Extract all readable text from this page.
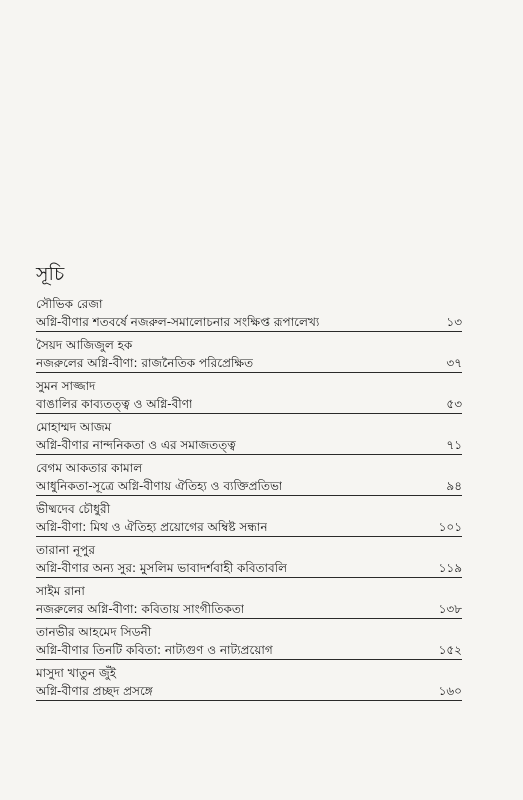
সূচি
সৌভিক রেজা
অগ্নি-বীণার শতবর্ষে নজরুল-সমালোচনার সংক্ষিপ্ত রূপালেখ্য	১৩
সৈয়দ আজিজুল হক
নজরুলের অগ্নি-বীণা: রাজনৈতিক পরিপ্রেক্ষিত	৩৭
সুমন সাজ্জাদ
বাঙালির কাব্যতত্ত্ব ও অগ্নি-বীণা	৫৩
মোহাম্মদ আজম
অগ্নি-বীণার নান্দনিকতা ও এর সমাজতত্ত্ব	৭১
বেগম আকতার কামাল
আধুনিকতা-সূত্রে অগ্নি-বীণায় ঐতিহ্য ও ব্যক্তিপ্রতিভা	৯৪
ভীষ্মদেব চৌধুরী
অগ্নি-বীণা: মিথ ও ঐতিহ্য প্রয়োগের অম্বিষ্ট সন্ধান	১০১
তারানা নূপুর
অগ্নি-বীণার অন্য সুর: মুসলিম ভাবাদর্শবাহী কবিতাবলি	১১৯
সাইম রানা
নজরুলের অগ্নি-বীণা: কবিতায় সাংগীতিকতা	১৩৮
তানভীর আহমেদ সিডনী
অগ্নি-বীণার তিনটি কবিতা: নাট্যগুণ ও নাট্যপ্রয়োগ	১৫২
মাসুদা খাতুন জুঁই
অগ্নি-বীণার প্রচ্ছদ প্রসঙ্গে	১৬০
